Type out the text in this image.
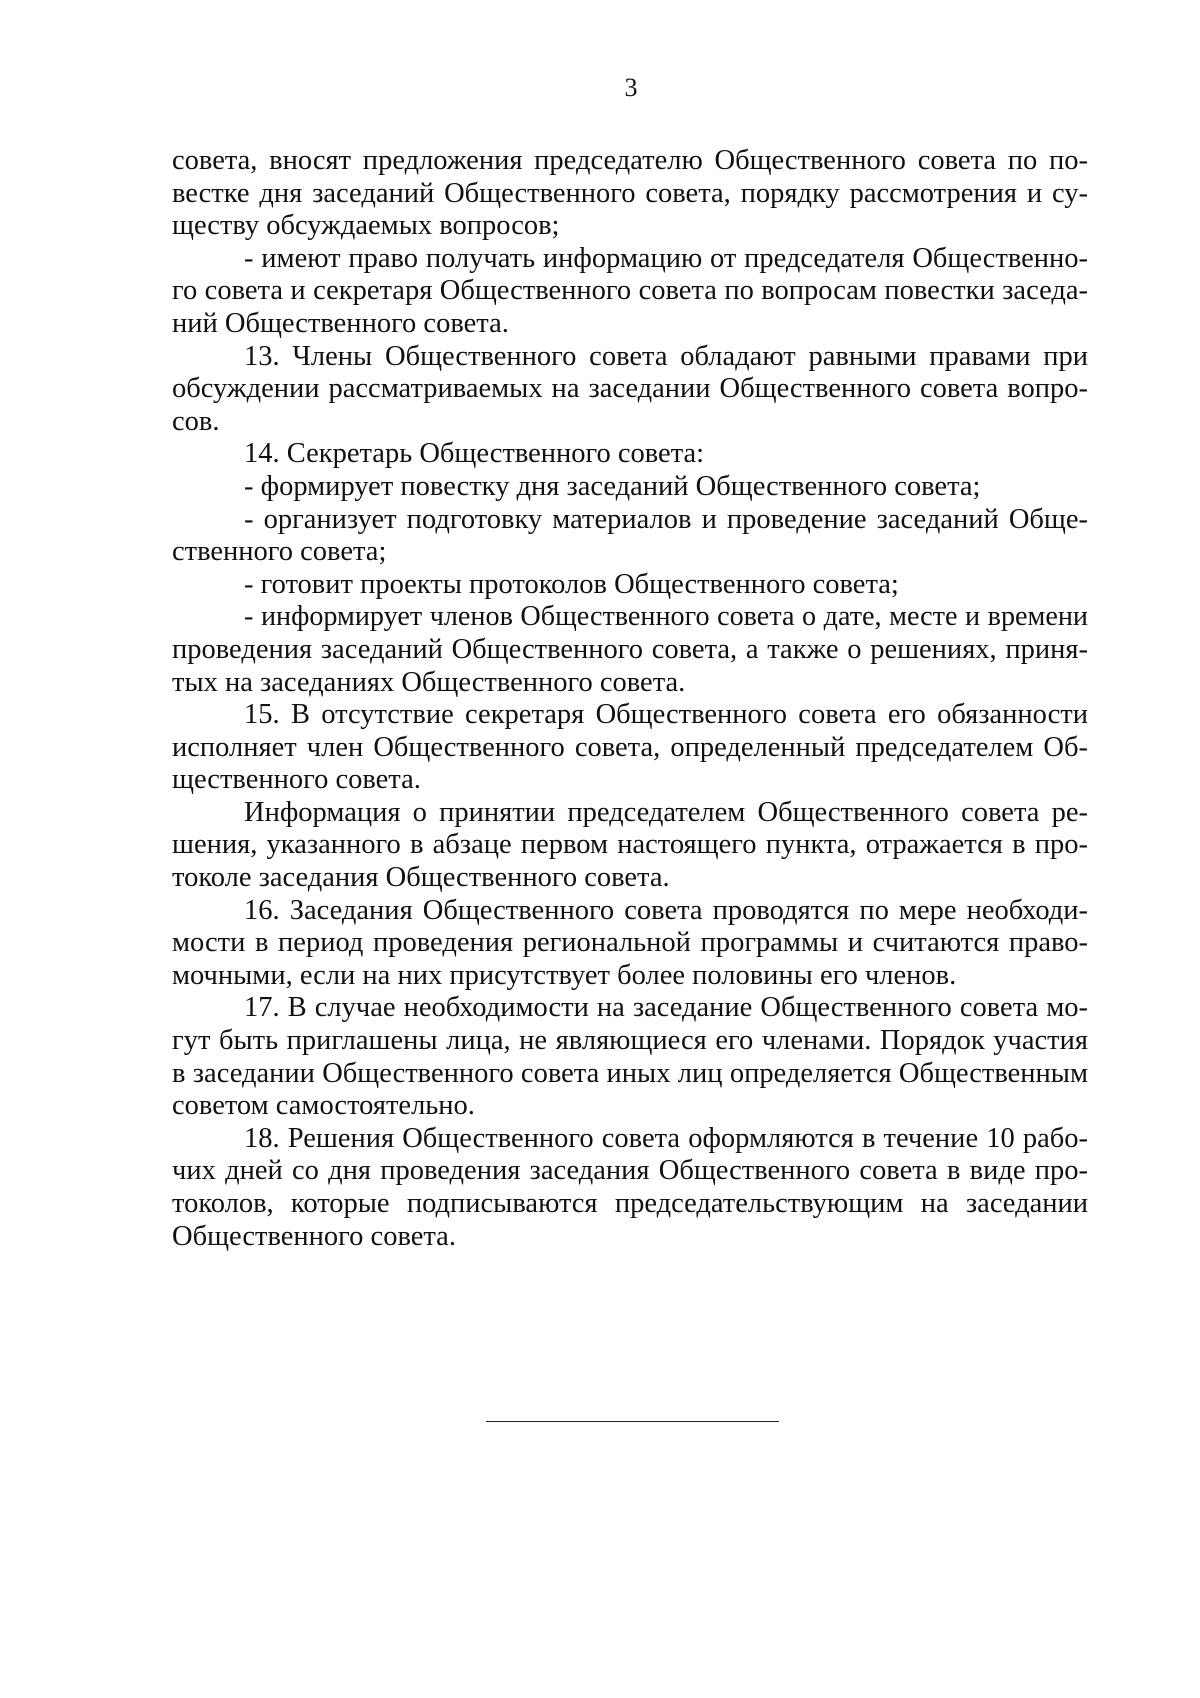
3
совета, вносят предложения председателю Общественного совета по по-
вестке дня заседаний Общественного совета, порядку рассмотрения и су-
ществу обсуждаемых вопросов;
- имеют право получать информацию от председателя Общественно-
го совета и секретаря Общественного совета по вопросам повестки заседа-
ний Общественного совета.
13. Члены Общественного совета обладают равными правами при
обсуждении рассматриваемых на заседании Общественного совета вопро-
сов.
14. Секретарь Общественного совета:
- формирует повестку дня заседаний Общественного совета;
- организует подготовку материалов и проведение заседаний Обще-
ственного совета;
- готовит проекты протоколов Общественного совета;
- информирует членов Общественного совета о дате, месте и времени
проведения заседаний Общественного совета, а также о решениях, приня-
тых на заседаниях Общественного совета.
15. В отсутствие секретаря Общественного совета его обязанности
исполняет член Общественного совета, определенный председателем Об-
щественного совета.
Информация о принятии председателем Общественного совета ре-
шения, указанного в абзаце первом настоящего пункта, отражается в про-
токоле заседания Общественного совета.
16. Заседания Общественного совета проводятся по мере необходи-
мости в период проведения региональной программы и считаются право-
мочными, если на них присутствует более половины его членов.
17. В случае необходимости на заседание Общественного совета мо-
гут быть приглашены лица, не являющиеся его членами. Порядок участия
в заседании Общественного совета иных лиц определяется Общественным
советом самостоятельно.
18. Решения Общественного совета оформляются в течение 10 рабо-
чих дней со дня проведения заседания Общественного совета в виде про-
токолов, которые подписываются председательствующим на заседании
Общественного совета.
